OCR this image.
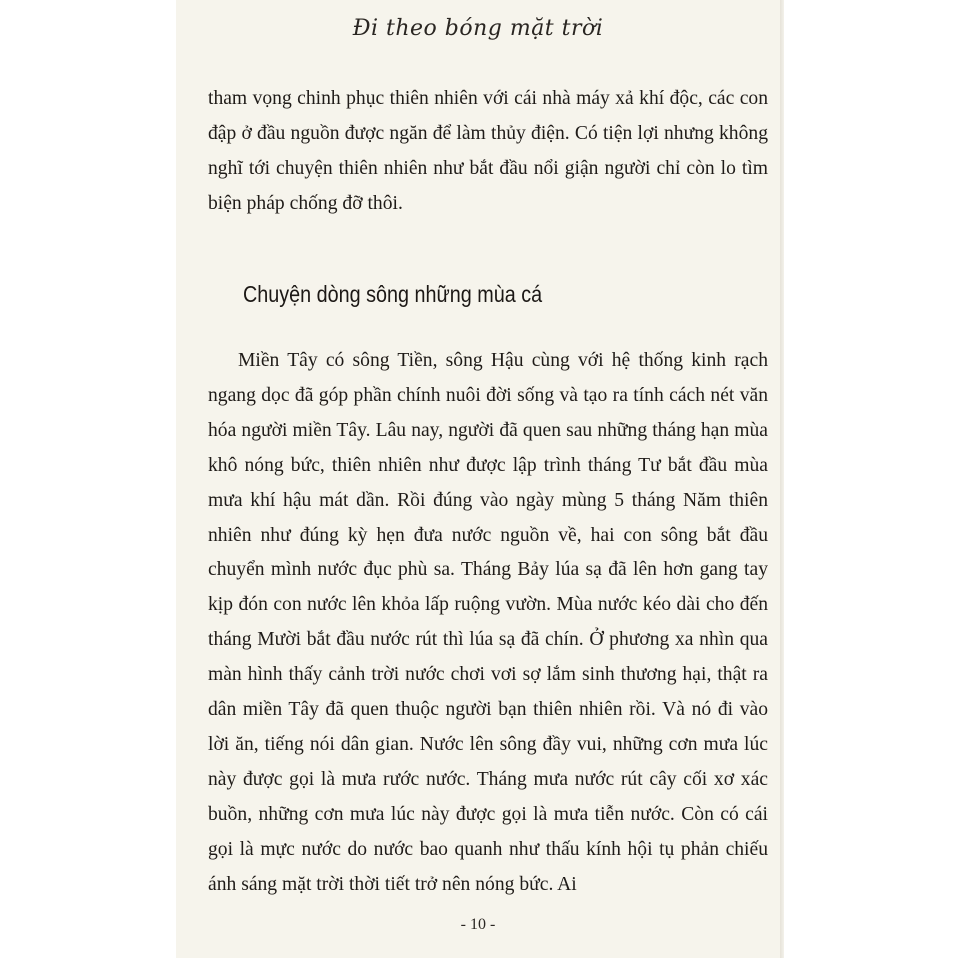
Đi theo bóng mặt trời

tham vọng chinh phục thiên nhiên với cái nhà máy xả khí độc, các con đập ở đầu nguồn được ngăn để làm thủy điện. Có tiện lợi nhưng không nghĩ tới chuyện thiên nhiên như bắt đầu nổi giận người chỉ còn lo tìm biện pháp chống đỡ thôi.

Chuyện dòng sông những mùa cá

Miền Tây có sông Tiền, sông Hậu cùng với hệ thống kinh rạch ngang dọc đã góp phần chính nuôi đời sống và tạo ra tính cách nét văn hóa người miền Tây. Lâu nay, người đã quen sau những tháng hạn mùa khô nóng bức, thiên nhiên như được lập trình tháng Tư bắt đầu mùa mưa khí hậu mát dần. Rồi đúng vào ngày mùng 5 tháng Năm thiên nhiên như đúng kỳ hẹn đưa nước nguồn về, hai con sông bắt đầu chuyển mình nước đục phù sa. Tháng Bảy lúa sạ đã lên hơn gang tay kịp đón con nước lên khỏa lấp ruộng vườn. Mùa nước kéo dài cho đến tháng Mười bắt đầu nước rút thì lúa sạ đã chín. Ở phương xa nhìn qua màn hình thấy cảnh trời nước chơi vơi sợ lắm sinh thương hại, thật ra dân miền Tây đã quen thuộc người bạn thiên nhiên rồi. Và nó đi vào lời ăn, tiếng nói dân gian. Nước lên sông đầy vui, những cơn mưa lúc này được gọi là mưa rước nước. Tháng mưa nước rút cây cối xơ xác buồn, những cơn mưa lúc này được gọi là mưa tiễn nước. Còn có cái gọi là mực nước do nước bao quanh như thấu kính hội tụ phản chiếu ánh sáng mặt trời thời tiết trở nên nóng bức. Ai

- 10 -
